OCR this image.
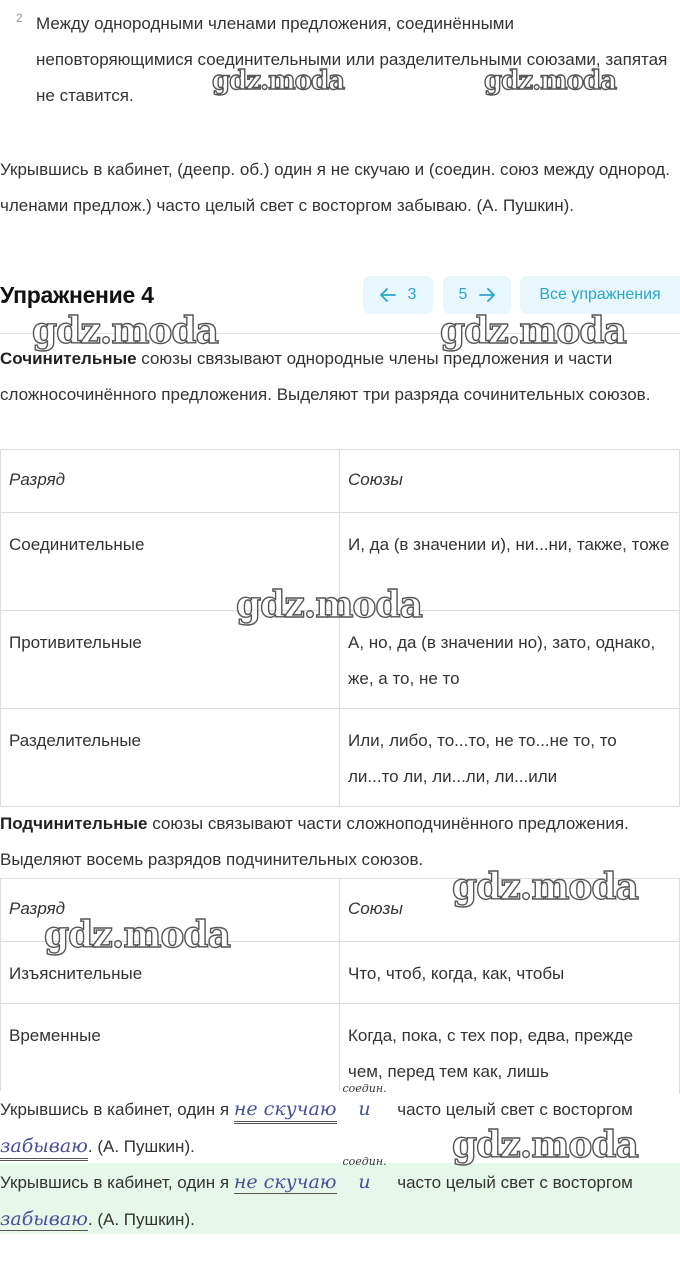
2 Между однородными членами предложения, соединёнными неповторяющимися соединительными или разделительными союзами, запятая не ставится.
Укрывшись в кабинет, (деепр. об.) один я не скучаю и (соедин. союз между однород. членами предлож.) часто целый свет с восторгом забываю. (А. Пушкин).
Упражнение 4	3	5	Все упражнения
Сочинительные союзы связывают однородные члены предложения и части сложносочинённого предложения. Выделяют три разряда сочинительных союзов.
Разряд	Союзы
Соединительные	И, да (в значении и), ни...ни, также, тоже
Противительные	А, но, да (в значении но), зато, однако, же, а то, не то
Разделительные	Или, либо, то...то, не то...не то, то ли...то ли, ли...ли, ли...или
Подчинительные союзы связывают части сложноподчинённого предложения. Выделяют восемь разрядов подчинительных союзов.
Разряд	Союзы
Изъяснительные	Что, чтоб, когда, как, чтобы
Временные	Когда, пока, с тех пор, едва, прежде чем, перед тем как, лишь
Укрывшись в кабинет, один я не скучаю
соедин.
и часто целый свет с восторгом забываю. (А. Пушкин).
Укрывшись в кабинет, один я не скучаю
соедин.
и часто целый свет с восторгом забываю. (А. Пушкин).
gdz.moda	gdz.moda
gdz.moda	gdz.moda
gdz.moda
gdz.moda
gdz.moda
gdz.moda
